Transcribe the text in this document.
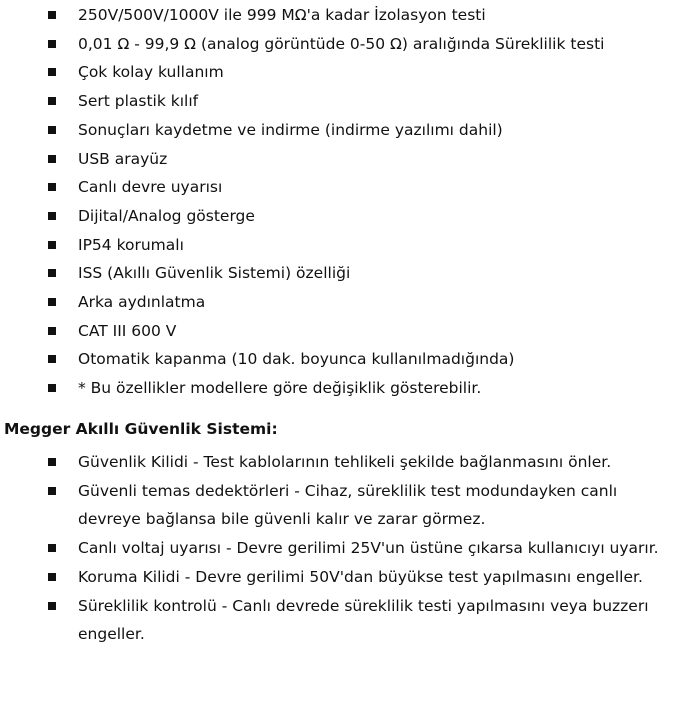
250V/500V/1000V ile 999 MΩ'a kadar İzolasyon testi
0,01 Ω - 99,9 Ω (analog görüntüde 0-50 Ω) aralığında Süreklilik testi
Çok kolay kullanım
Sert plastik kılıf
Sonuçları kaydetme ve indirme (indirme yazılımı dahil)
USB arayüz
Canlı devre uyarısı
Dijital/Analog gösterge
IP54 korumalı
ISS (Akıllı Güvenlik Sistemi) özelliği
Arka aydınlatma
CAT III 600 V
Otomatik kapanma (10 dak. boyunca kullanılmadığında)
* Bu özellikler modellere göre değişiklik gösterebilir.
Megger Akıllı Güvenlik Sistemi:
Güvenlik Kilidi - Test kablolarının tehlikeli şekilde bağlanmasını önler.
Güvenli temas dedektörleri - Cihaz, süreklilik test modundayken canlı devreye bağlansa bile güvenli kalır ve zarar görmez.
Canlı voltaj uyarısı - Devre gerilimi 25V'un üstüne çıkarsa kullanıcıyı uyarır.
Koruma Kilidi - Devre gerilimi 50V'dan büyükse test yapılmasını engeller.
Süreklilik kontrolü - Canlı devrede süreklilik testi yapılmasını veya buzzerı engeller.
